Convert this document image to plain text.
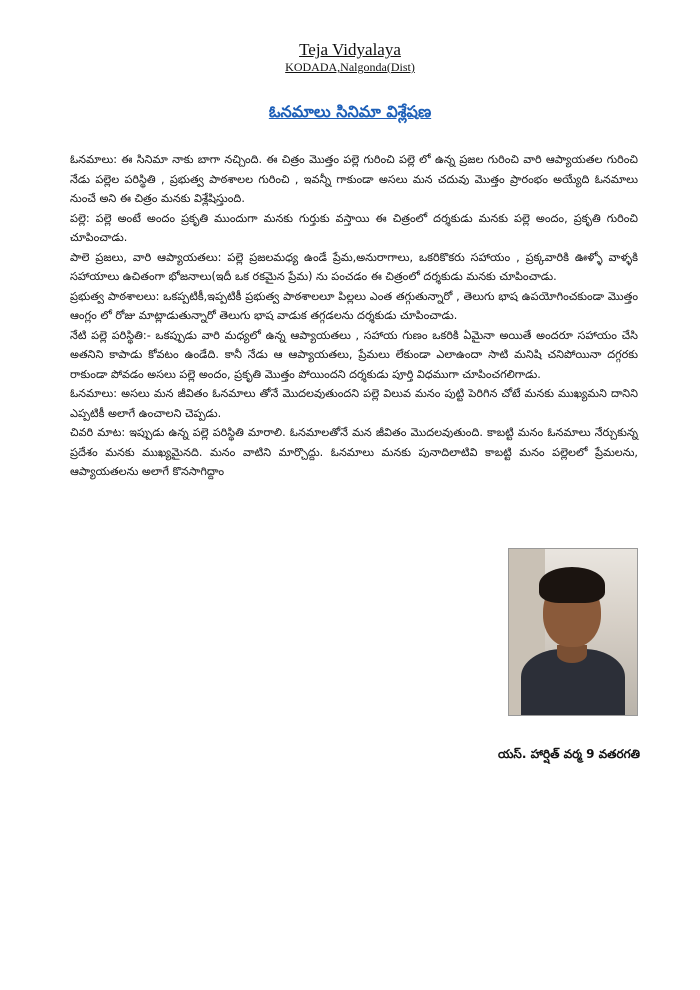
Teja Vidyalaya
KODADA,Nalgonda(Dist)
ఓనమాలు సినిమా విశ్లేషణ

ఓనమాలు: ఈ సినిమా నాకు బాగా నచ్చింది. ఈ చిత్రం మొత్తం పల్లె గురించి పల్లె లో ఉన్న ప్రజల గురించి వారి ఆప్యాయతల గురించి నేడు పల్లెల పరిస్థితి , ప్రభుత్వ పాఠశాలల గురించి , ఇవన్నీ గాకుండా అసలు మన చదువు మొత్తం ప్రారంభం అయ్యేది ఓనమాలు నుంచే అని ఈ చిత్రం మనకు విశ్లేషిస్తుంది.

పల్లె: పల్లె అంటే అందం ప్రకృతి ముందుగా మనకు గుర్తుకు వస్తాయి ఈ చిత్రంలో దర్శకుడు మనకు పల్లె అందం, ప్రకృతి గురించి చూపించాడు.

పాలె ప్రజలు, వారి ఆప్యాయతలు: పల్లె ప్రజలమధ్య ఉండే ప్రేమ,అనురాగాలు, ఒకరికొకరు సహాయం , ప్రక్కవారికి ఊళ్ళో వాళ్ళకి సహాయాలు ఉచితంగా భోజనాలు(ఇదీ ఒక రకమైన ప్రేమ) ను పంచడం ఈ చిత్రంలో దర్శకుడు మనకు చూపించాడు.

ప్రభుత్వ పాఠశాలలు: ఒకప్పటికీ,ఇప్పటికీ ప్రభుత్వ పాఠశాలలూ పిల్లలు ఎంత తగ్గుతున్నారో , తెలుగు భాష ఉపయోగించకుండా మొత్తం ఆంగ్లం లో రోజు మాట్లాడుతున్నారో తెలుగు భాష వాడుక తగ్గడలను దర్శకుడు చూపించాడు.

నేటి పల్లె పరిస్థితి:- ఒకప్పుడు వారి మధ్యలో ఉన్న ఆప్యాయతలు , సహాయ గుణం ఒకరికి ఏమైనా అయితే అందరూ సహాయం చేసి అతనిని కాపాడు కోవటం ఉండేది. కానీ నేడు ఆ ఆప్యాయతలు, ప్రేమలు లేకుండా ఎలాఉందా సాటి మనిషి చనిపోయినా దగ్గరకు రాకుండా పోవడం అసలు పల్లె అందం, ప్రకృతి మొత్తం పోయిందని దర్శకుడు పూర్తి విధముగా చూపించగలిగాడు.

ఓనమాలు: అసలు మన జీవితం ఓనమాలు తోనే మొదలవుతుందని పల్లె విలువ మనం పుట్టి పెరిగిన చోటే మనకు ముఖ్యమని దానిని ఎప్పటికీ అలాగే ఉంచాలని చెప్పడు.

చివరి మాట: ఇప్పుడు ఉన్న పల్లె పరిస్థితి మారాలి. ఓనమాలతోనే మన జీవితం మొదలవుతుంది. కాబట్టి మనం ఓనమాలు నేర్చుకున్న ప్రదేశం మనకు ముఖ్యమైనది. మనం వాటిని మార్చొద్దు. ఓనమాలు మనకు పునాదిలాటివి కాబట్టి మనం పల్లెలలో ప్రేమలను, ఆప్యాయతలను అలాగే కొనసాగిద్దాం

యస్. హార్షిత్ వర్మ 9 వతరగతి
